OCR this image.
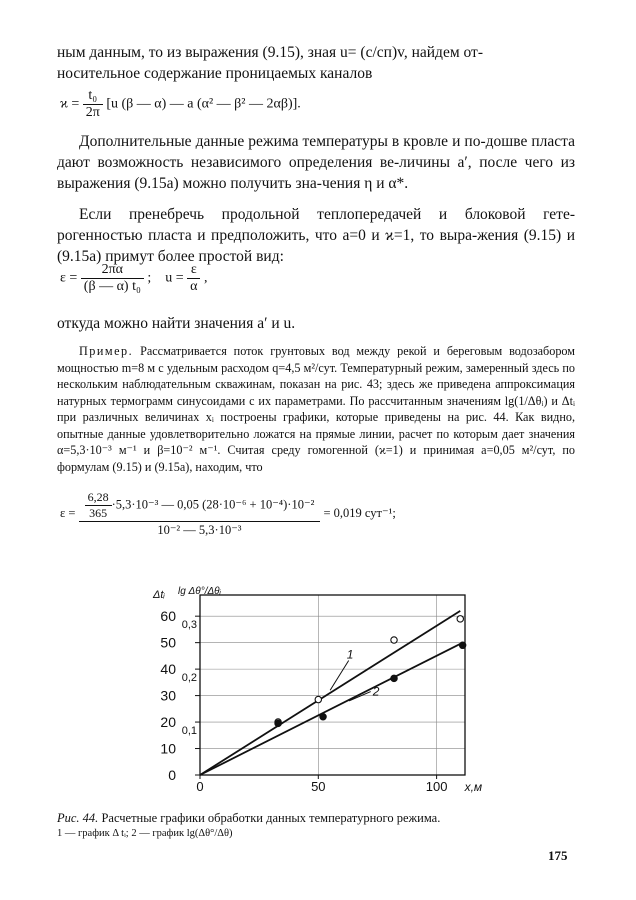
ным данным, то из выражения (9.15), зная u= (c/cп)v, найдем от-

носительное содержание проницаемых каналов

$ϰ = \frac{\text{t₀}}{2\pi} [u$ (β — α) — a (α² — β² — 2αβ)].

Дополнительные данные режима температуры в кровле и по-дошве пласта дают возможность независимого определения ве-личины a′, после чего из выражения (9.15a) можно получить зна-чения η и α*.

Если пренебречь продольной теплопередачей и блоковой гете-рогенностью пласта и предположить, что a=0 и ϰ=1, то выра-жения (9.15) и (9.15a) примут более простой вид:

$\varepsilon = \frac{2\pi\alpha}{\text{(β — α) t₀}}$ ; $u = \frac{\varepsilon}{\alpha}$ ,

откуда можно найти значения a′ и u.

Пример. Рассматривается поток грунтовых вод между рекой и береговым водозабором мощностью m=8 м с удельным расходом q=4,5 м²/сут. Температурный режим, замеренный здесь по нескольким наблюдательным скважинам, показан на рис. 43; здесь же приведена аппроксимация натурных термограмм синусоидами с их параметрами. По рассчитанным значениям lg(1/Δθᵢ) и Δtᵢ при различных величинах xᵢ построены графики, которые приведены на рис. 44. Как видно, опытные данные удовлетворительно ложатся на прямые линии, расчет по которым дает значения α=5,3·10⁻³ м⁻¹ и β=10⁻² м⁻¹. Считая среду гомогенной (ϰ=1) и принимая a=0,05 м²/сут, по формулам (9.15) и (9.15a), находим, что

$\varepsilon = \frac{6,28}{365} \cdot 5,3\cdot 10^{-3}$ — 0,05 (28·10⁻⁶ + 10⁻⁴)·10⁻²
10⁻² — 5,3·10⁻³
= 0,019 сут⁻¹;
0
10
20
30
40
50
60
0,1
0,2
0,3
0	50	100 x,м
Δtᵢ lg Δθ°/Δθᵢ
1
2
Рис. 44. Расчетные графики обработки данных температурного режима.
1 — график Δ tᵢ; 2 — график lg(Δθ°/Δθ)
175
